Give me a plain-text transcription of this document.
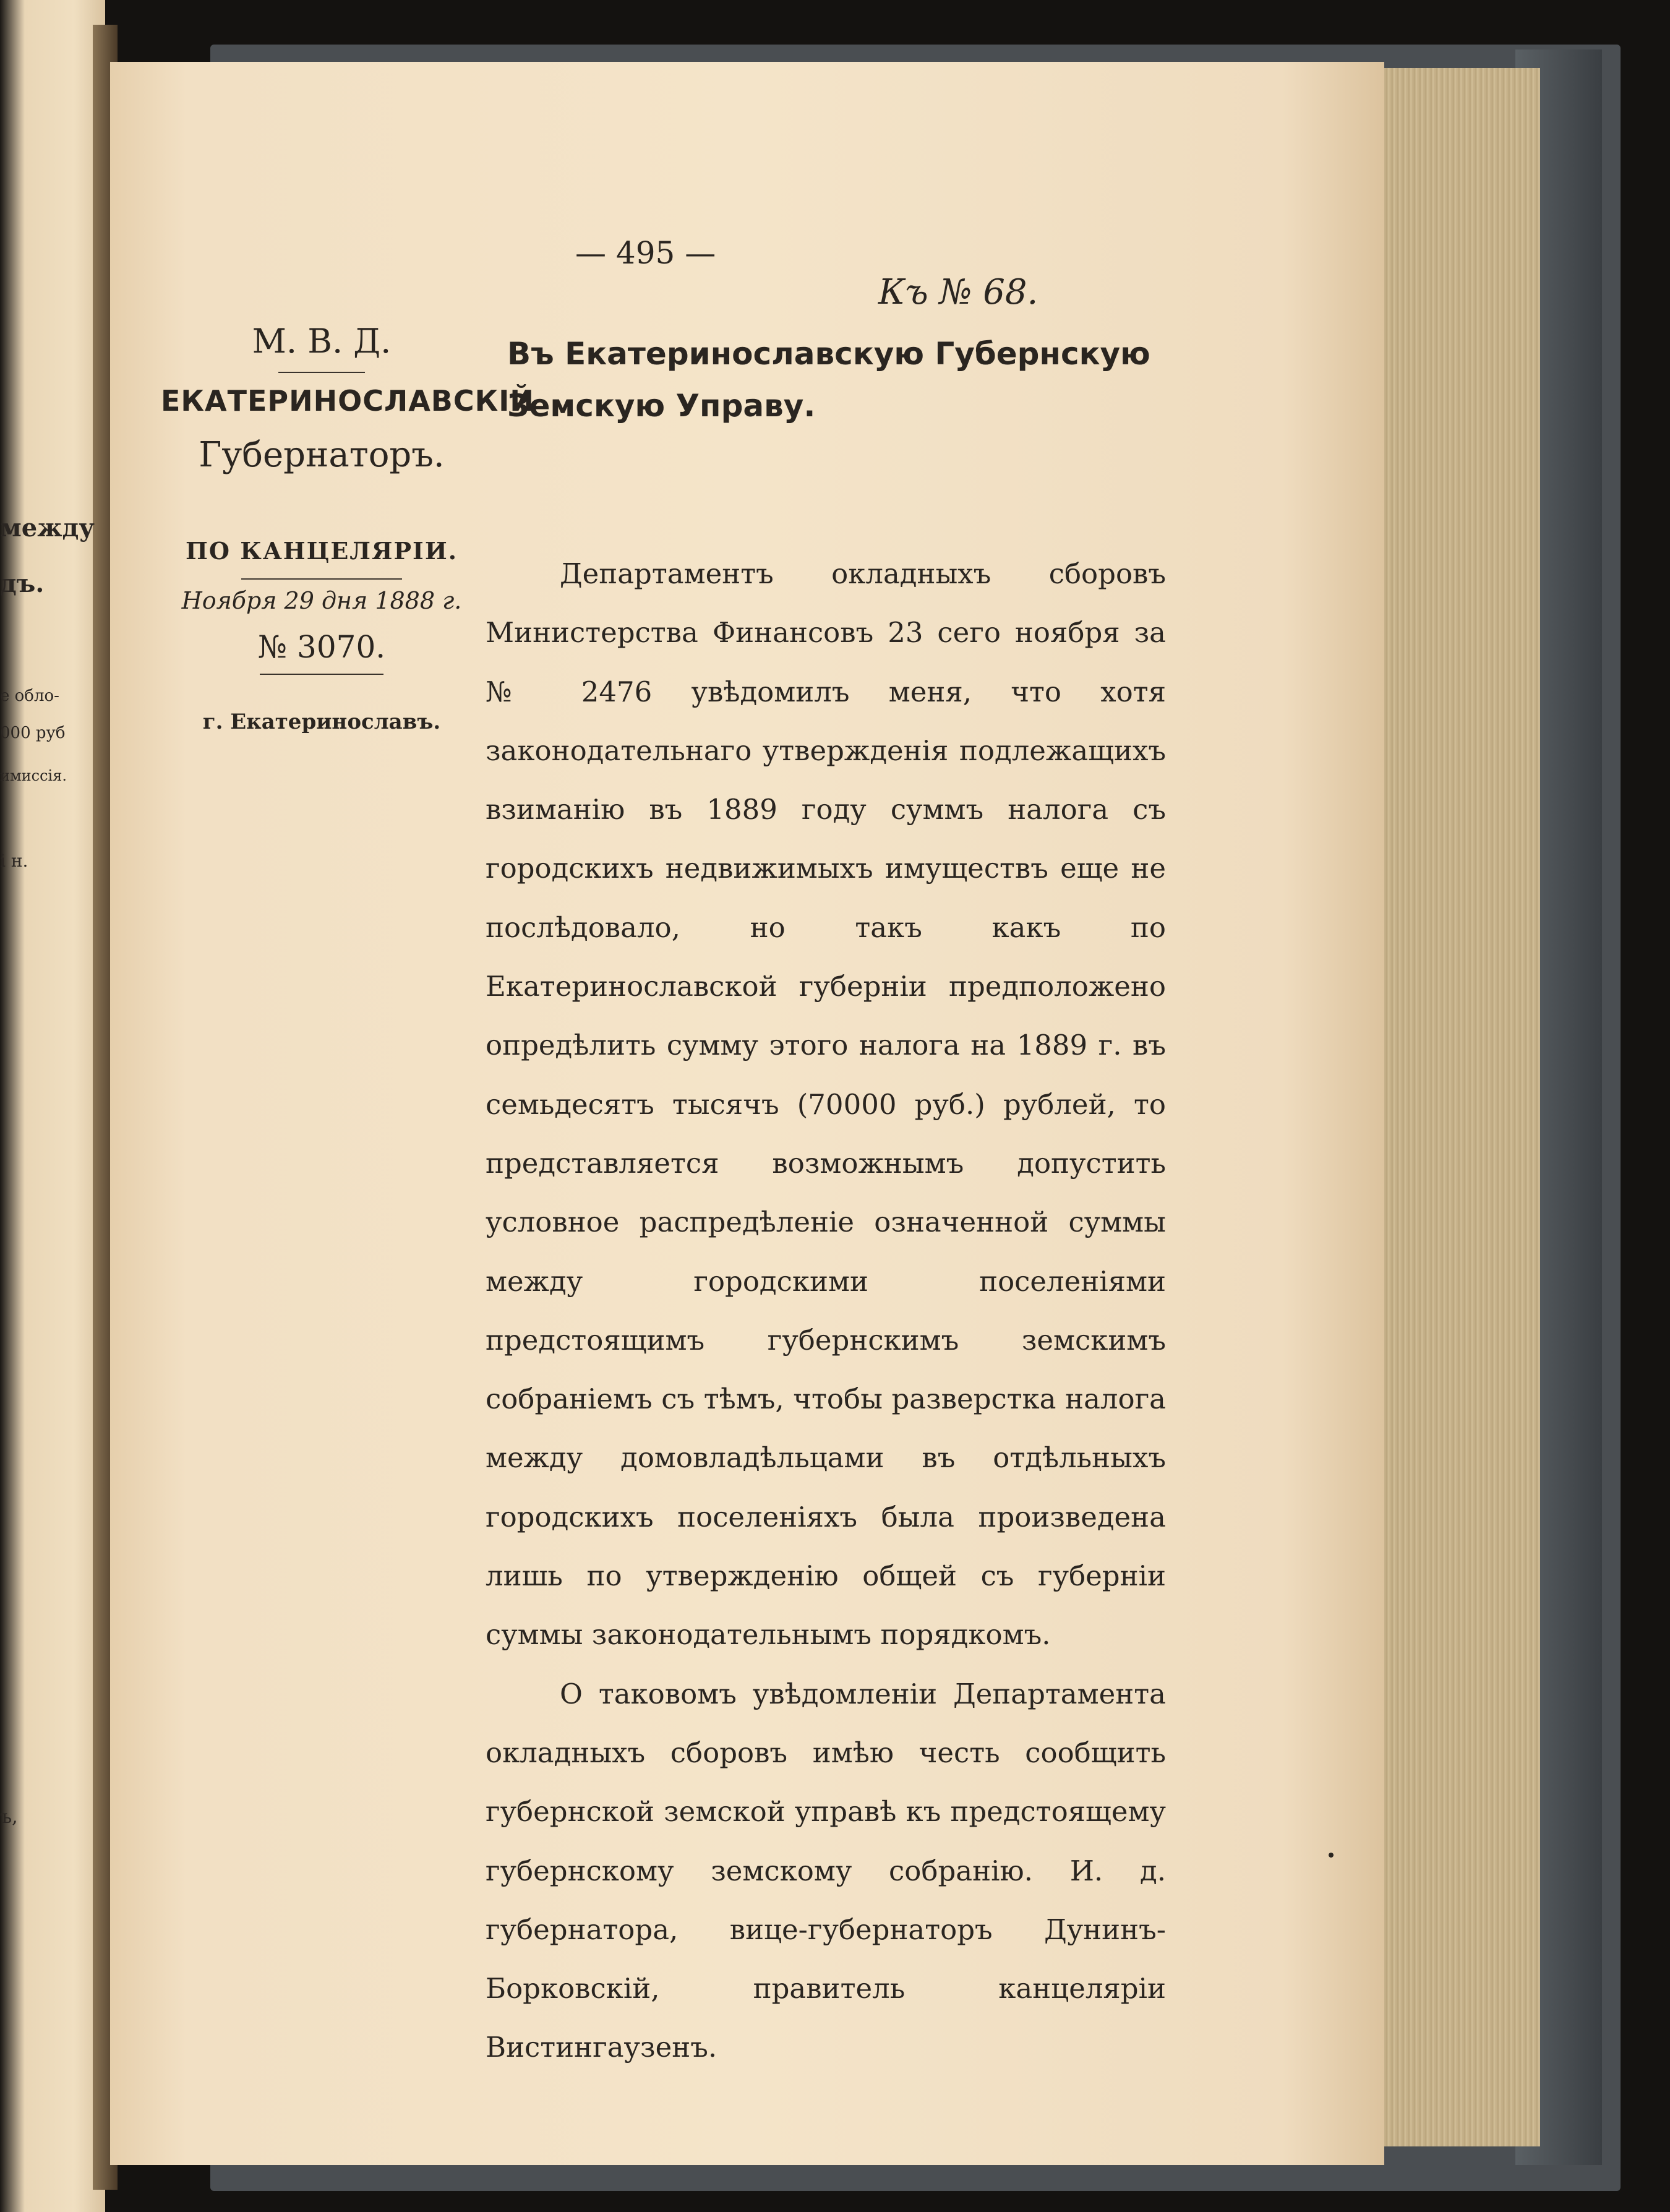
между
дъ.
е обло-
000 руб
имиссія.
і н.
ъ,
— 495 —
Къ № 68.
М. В. Д.
ЕКАТЕРИНОСЛАВСКІЙ
Губернаторъ.
ПО КАНЦЕЛЯРІИ.
Ноября 29 дня 1888 г.
№ 3070.
г. Екатеринославъ.
Въ Екатеринославскую Губернскую Земскую Управу.

Департаментъ окладныхъ сборовъ Министерства Финансовъ 23 сего ноября за № 2476 увѣдомилъ меня, что хотя законодательнаго утвержденія подлежащихъ взиманію въ 1889 году суммъ налога съ городскихъ недвижимыхъ имуществъ еще не послѣдовало, но такъ какъ по Екатеринославской губерніи предположено опредѣлить сумму этого налога на 1889 г. въ семьдесятъ тысячъ (70000 руб.) рублей, то представляется возможнымъ допустить условное распредѣленіе означенной суммы между городскими поселеніями предстоящимъ губернскимъ земскимъ собраніемъ съ тѣмъ, чтобы разверстка налога между домовладѣльцами въ отдѣльныхъ городскихъ поселеніяхъ была произведена лишь по утвержденію общей съ губерніи суммы законодательнымъ порядкомъ.

О таковомъ увѣдомленіи Департамента окладныхъ сборовъ имѣю честь сообщить губернской земской управѣ къ предстоящему губернскому земскому собранію. И. д. губернатора, вице-губернаторъ Дунинъ-Борковскій, правитель канцеляріи Вистингаузенъ.
